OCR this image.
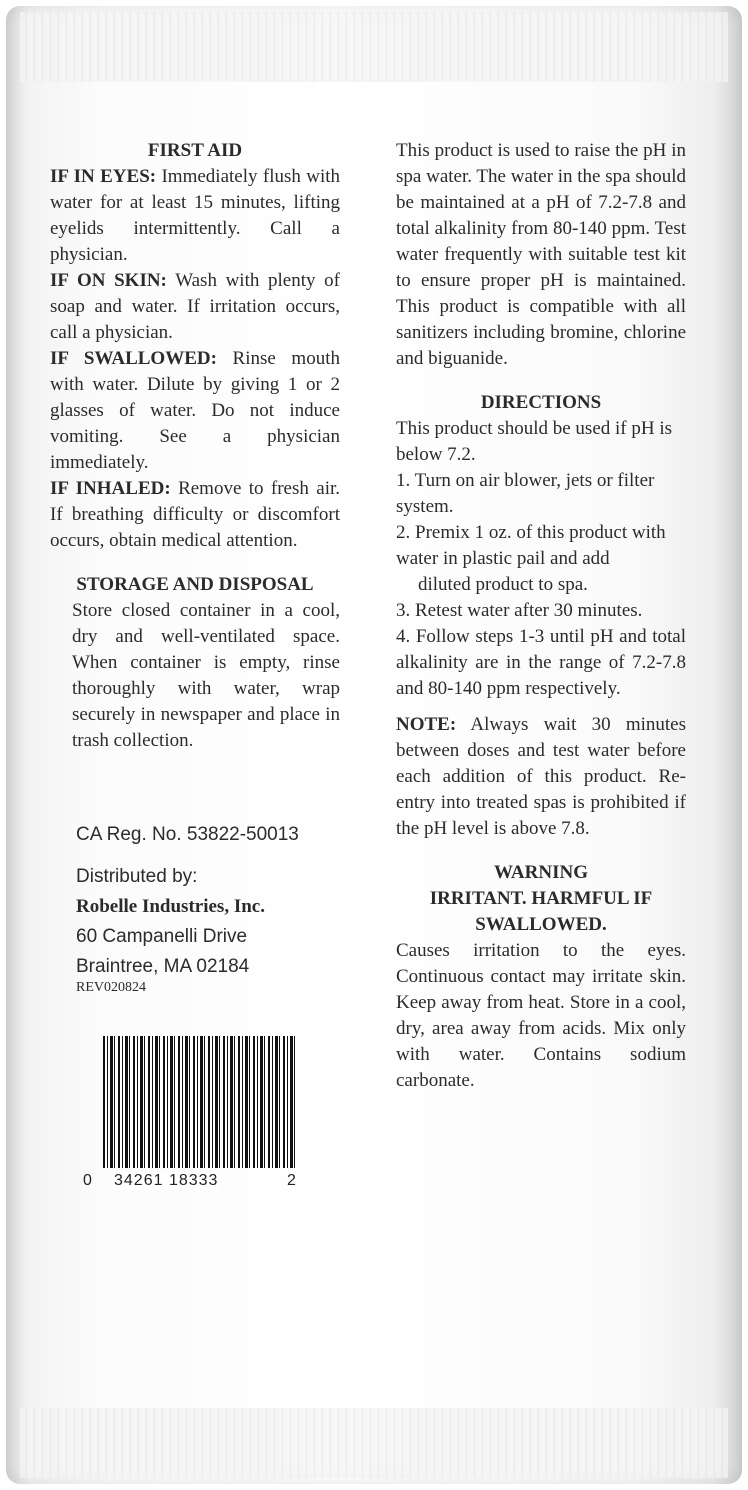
FIRST AID

IF IN EYES: Immediately flush with water for at least 15 minutes, lifting eyelids intermittently. Call a physician.

IF ON SKIN: Wash with plenty of soap and water. If irritation occurs, call a physician.

IF SWALLOWED: Rinse mouth with water. Dilute by giving 1 or 2 glasses of water. Do not induce vomiting. See a physician immediately.

IF INHALED: Remove to fresh air. If breathing difficulty or discomfort occurs, obtain medical attention.

STORAGE AND DISPOSAL

Store closed container in a cool, dry and well-ventilated space. When container is empty, rinse thoroughly with water, wrap securely in newspaper and place in trash collection.

CA Reg. No. 53822-50013
Distributed by:
Robelle Industries, Inc.
60 Campanelli Drive
Braintree, MA 02184
REV020824
0 34261 18333	2

This product is used to raise the pH in spa water. The water in the spa should be maintained at a pH of 7.2-7.8 and total alkalinity from 80-140 ppm. Test water frequently with suitable test kit to ensure proper pH is maintained. This product is compatible with all sanitizers including bromine, chlorine and biguanide.

DIRECTIONS

This product should be used if pH is below 7.2.

1. Turn on air blower, jets or filter system.

2. Premix 1 oz. of this product with water in plastic pail and add

diluted product to spa.

3. Retest water after 30 minutes.

4. Follow steps 1-3 until pH and total alkalinity are in the range of 7.2-7.8 and 80-140 ppm respectively.

NOTE: Always wait 30 minutes between doses and test water before each addition of this product. Re-entry into treated spas is prohibited if the pH level is above 7.8.

WARNING

IRRITANT. HARMFUL IF

SWALLOWED.

Causes irritation to the eyes. Continuous contact may irritate skin. Keep away from heat. Store in a cool, dry, area away from acids. Mix only with water. Contains sodium carbonate.
